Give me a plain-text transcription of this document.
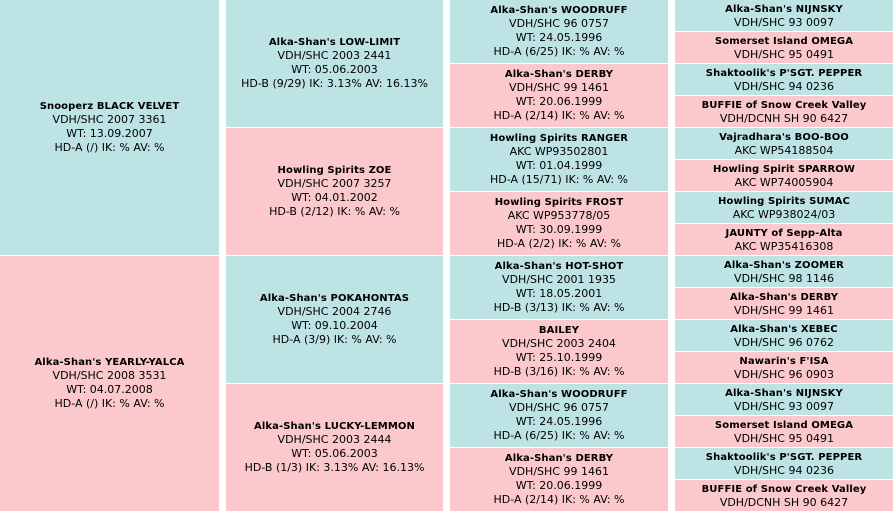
Snooperz BLACK VELVET
VDH/SHC 2007 3361
WT: 13.09.2007
HD-A (/) IK: % AV: %
Alka-Shan's YEARLY-YALCA
VDH/SHC 2008 3531
WT: 04.07.2008
HD-A (/) IK: % AV: %
Alka-Shan's LOW-LIMIT
VDH/SHC 2003 2441
WT: 05.06.2003
HD-B (9/29) IK: 3.13% AV: 16.13%
Howling Spirits ZOE
VDH/SHC 2007 3257
WT: 04.01.2002
HD-B (2/12) IK: % AV: %
Alka-Shan's POKAHONTAS
VDH/SHC 2004 2746
WT: 09.10.2004
HD-A (3/9) IK: % AV: %
Alka-Shan's LUCKY-LEMMON
VDH/SHC 2003 2444
WT: 05.06.2003
HD-B (1/3) IK: 3.13% AV: 16.13%
Alka-Shan's WOODRUFF
VDH/SHC 96 0757
WT: 24.05.1996
HD-A (6/25) IK: % AV: %
Alka-Shan's DERBY
VDH/SHC 99 1461
WT: 20.06.1999
HD-A (2/14) IK: % AV: %
Howling Spirits RANGER
AKC WP93502801
WT: 01.04.1999
HD-A (15/71) IK: % AV: %
Howling Spirits FROST
AKC WP953778/05
WT: 30.09.1999
HD-A (2/2) IK: % AV: %
Alka-Shan's HOT-SHOT
VDH/SHC 2001 1935
WT: 18.05.2001
HD-B (3/13) IK: % AV: %
BAILEY
VDH/SHC 2003 2404
WT: 25.10.1999
HD-B (3/16) IK: % AV: %
Alka-Shan's WOODRUFF
VDH/SHC 96 0757
WT: 24.05.1996
HD-A (6/25) IK: % AV: %
Alka-Shan's DERBY
VDH/SHC 99 1461
WT: 20.06.1999
HD-A (2/14) IK: % AV: %
Alka-Shan's NIJNSKY
VDH/SHC 93 0097
Somerset Island OMEGA
VDH/SHC 95 0491
Shaktoolik's P'SGT. PEPPER
VDH/SHC 94 0236
BUFFIE of Snow Creek Valley
VDH/DCNH SH 90 6427
Vajradhara's BOO-BOO
AKC WP54188504
Howling Spirit SPARROW
AKC WP74005904
Howling Spirits SUMAC
AKC WP938024/03
JAUNTY of Sepp-Alta
AKC WP35416308
Alka-Shan's ZOOMER
VDH/SHC 98 1146
Alka-Shan's DERBY
VDH/SHC 99 1461
Alka-Shan's XEBEC
VDH/SHC 96 0762
Nawarin's F'ISA
VDH/SHC 96 0903
Alka-Shan's NIJNSKY
VDH/SHC 93 0097
Somerset Island OMEGA
VDH/SHC 95 0491
Shaktoolik's P'SGT. PEPPER
VDH/SHC 94 0236
BUFFIE of Snow Creek Valley
VDH/DCNH SH 90 6427
